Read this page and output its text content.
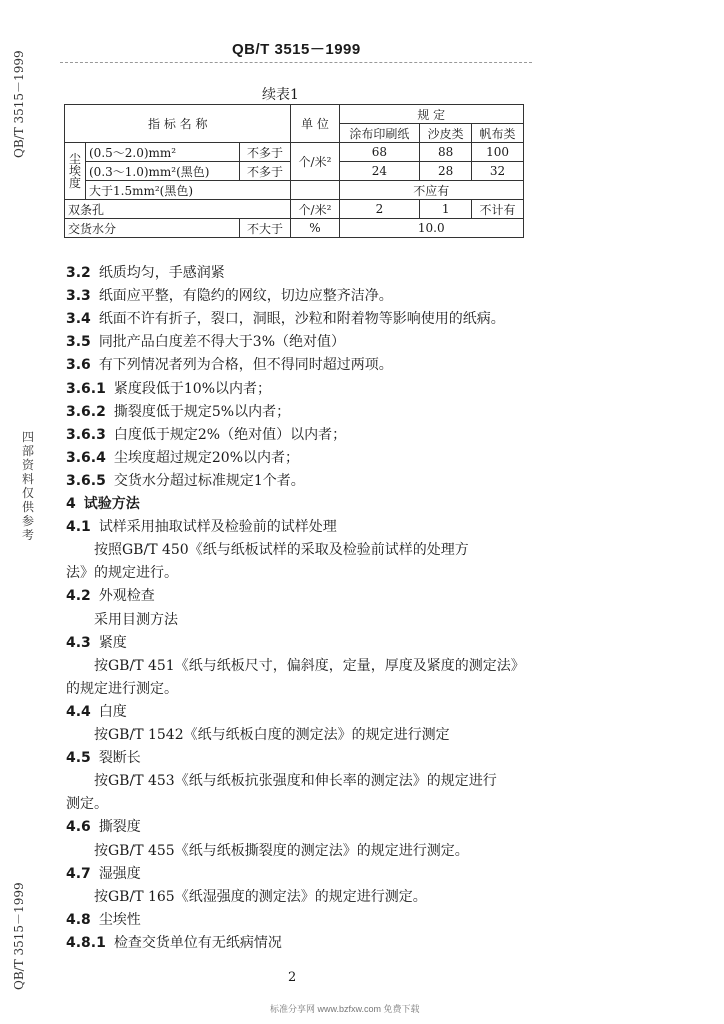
QB/T 3515－1999
QB/T 3515－1999
四部资料仅供参考
QB/T 3515－1999
续表1
指 标 名 称			单 位	规 定		
				涂布印刷纸	沙皮类	帆布类
尘埃度	(0.5～2.0)mm²	不多于	个/米²	68	88	100
	(0.3～1.0)mm²(黑色)	不多于		24	28	32
	大于1.5mm²(黑色)			不应有		
双条孔			个/米²	2	1	不计有
交货水分		不大于	%	10.0		
3.2 纸质均匀，手感润紧
3.3 纸面应平整，有隐约的网纹，切边应整齐洁净。
3.4 纸面不许有折子，裂口，洞眼，沙粒和附着物等影响使用的纸病。
3.5 同批产品白度差不得大于3%（绝对值）
3.6 有下列情况者列为合格，但不得同时超过两项。
3.6.1 紧度段低于10%以内者；
3.6.2 撕裂度低于规定5%以内者；
3.6.3 白度低于规定2%（绝对值）以内者；
3.6.4 尘埃度超过规定20%以内者；
3.6.5 交货水分超过标准规定1个者。
4 试验方法
4.1 试样采用抽取试样及检验前的试样处理
按照GB/T 450《纸与纸板试样的采取及检验前试样的处理方
法》的规定进行。
4.2 外观检查
采用目测方法
4.3 紧度
按GB/T 451《纸与纸板尺寸，偏斜度，定量，厚度及紧度的测定法》
的规定进行测定。
4.4 白度
按GB/T 1542《纸与纸板白度的测定法》的规定进行测定
4.5 裂断长
按GB/T 453《纸与纸板抗张强度和伸长率的测定法》的规定进行
测定。
4.6 撕裂度
按GB/T 455《纸与纸板撕裂度的测定法》的规定进行测定。
4.7 湿强度
按GB/T 165《纸湿强度的测定法》的规定进行测定。
4.8 尘埃性
4.8.1 检查交货单位有无纸病情况
2
标准分享网 www.bzfxw.com 免费下载
